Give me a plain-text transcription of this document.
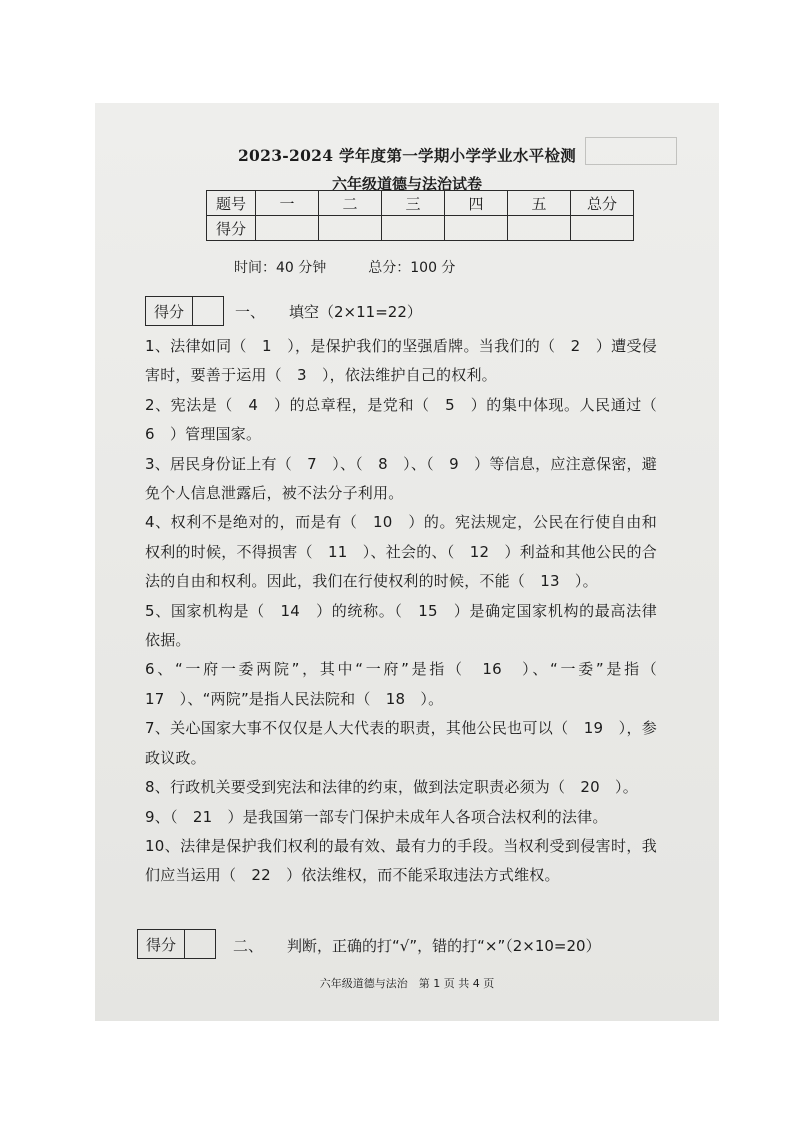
2023-2024 学年度第一学期小学学业水平检测
六年级道德与法治试卷
题号	一	二	三	四	五	总分
得分						
时间：40 分钟	总分：100 分
得分	一、 填空（2×11=22）

1、法律如同（　1　），是保护我们的坚强盾牌。当我们的（　2　）遭受侵害时，要善于运用（　3　），依法维护自己的权利。

2、宪法是（　4　）的总章程，是党和（　5　）的集中体现。人民通过（　6　）管理国家。

3、居民身份证上有（　7　）、（　8　）、（　9　）等信息，应注意保密，避免个人信息泄露后，被不法分子利用。

4、权利不是绝对的，而是有（　10　）的。宪法规定，公民在行使自由和权利的时候，不得损害（　11　）、社会的、（　12　）利益和其他公民的合法的自由和权利。因此，我们在行使权利的时候，不能（　13　）。

5、国家机构是（　14　）的统称。（　15　）是确定国家机构的最高法律依据。

6、“一府一委两院”，其中“一府”是指（　16　）、“一委”是指（　17　）、“两院”是指人民法院和（　18　）。

7、关心国家大事不仅仅是人大代表的职责，其他公民也可以（　19　），参政议政。

8、行政机关要受到宪法和法律的约束，做到法定职责必须为（　20　）。

9、（　21　）是我国第一部专门保护未成年人各项合法权利的法律。

10、法律是保护我们权利的最有效、最有力的手段。当权利受到侵害时，我们应当运用（　22　）依法维权，而不能采取违法方式维权。

得分	二、 判断，正确的打“√”，错的打“×”（2×10=20）
六年级道德与法治　第 1 页 共 4 页
